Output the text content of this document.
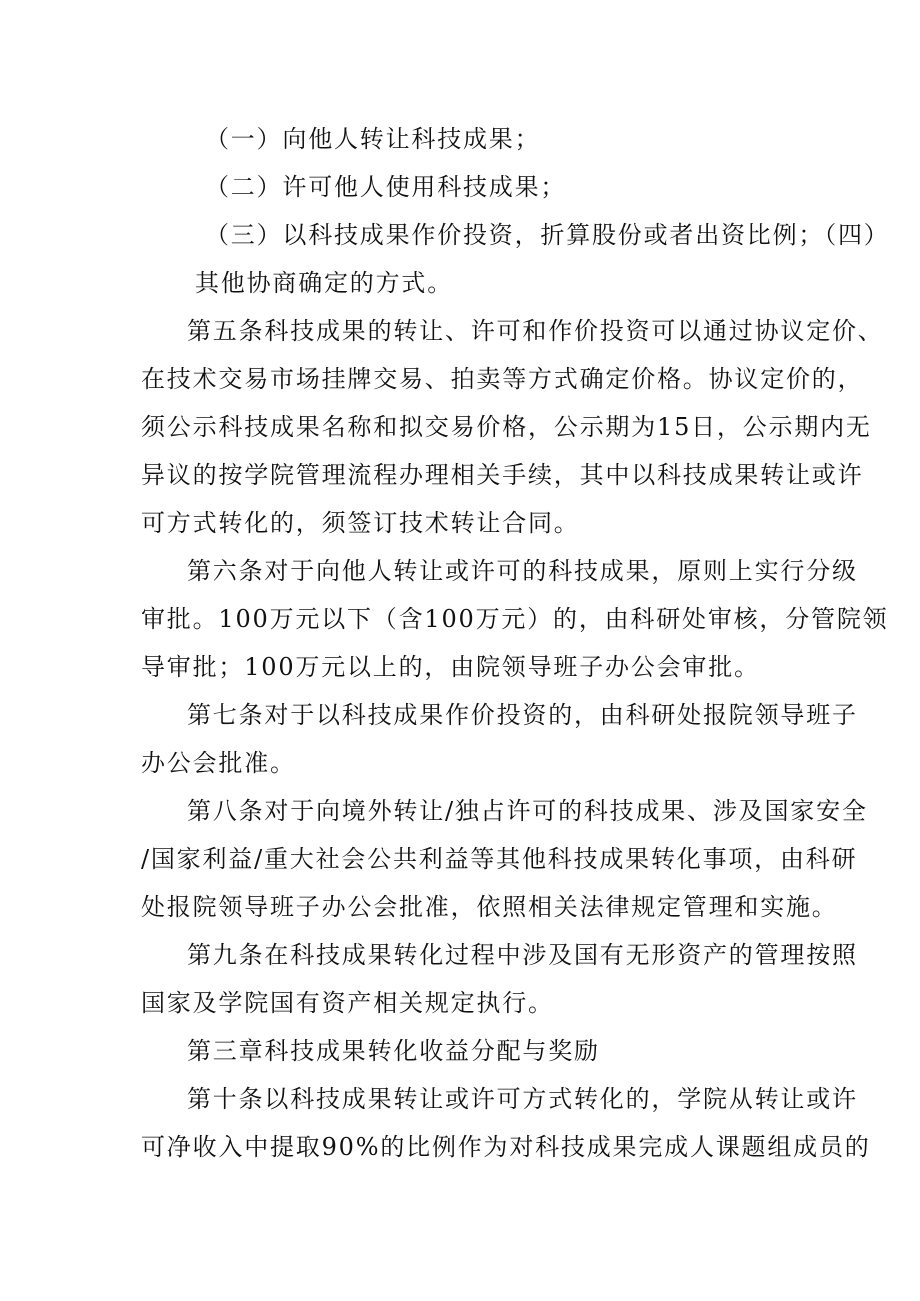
（一）向他人转让科技成果；
（二）许可他人使用科技成果；
（三）以科技成果作价投资，折算股份或者出资比例；（四）
其他协商确定的方式。
第五条科技成果的转让、许可和作价投资可以通过协议定价、
在技术交易市场挂牌交易、拍卖等方式确定价格。协议定价的，
须公示科技成果名称和拟交易价格，公示期为15日，公示期内无
异议的按学院管理流程办理相关手续，其中以科技成果转让或许
可方式转化的，须签订技术转让合同。
第六条对于向他人转让或许可的科技成果，原则上实行分级
审批。100万元以下（含100万元）的，由科研处审核，分管院领
导审批；100万元以上的，由院领导班子办公会审批。
第七条对于以科技成果作价投资的，由科研处报院领导班子
办公会批准。
第八条对于向境外转让/独占许可的科技成果、涉及国家安全
/国家利益/重大社会公共利益等其他科技成果转化事项，由科研
处报院领导班子办公会批准，依照相关法律规定管理和实施。
第九条在科技成果转化过程中涉及国有无形资产的管理按照
国家及学院国有资产相关规定执行。
第三章科技成果转化收益分配与奖励
第十条以科技成果转让或许可方式转化的，学院从转让或许
可净收入中提取90%的比例作为对科技成果完成人课题组成员的
